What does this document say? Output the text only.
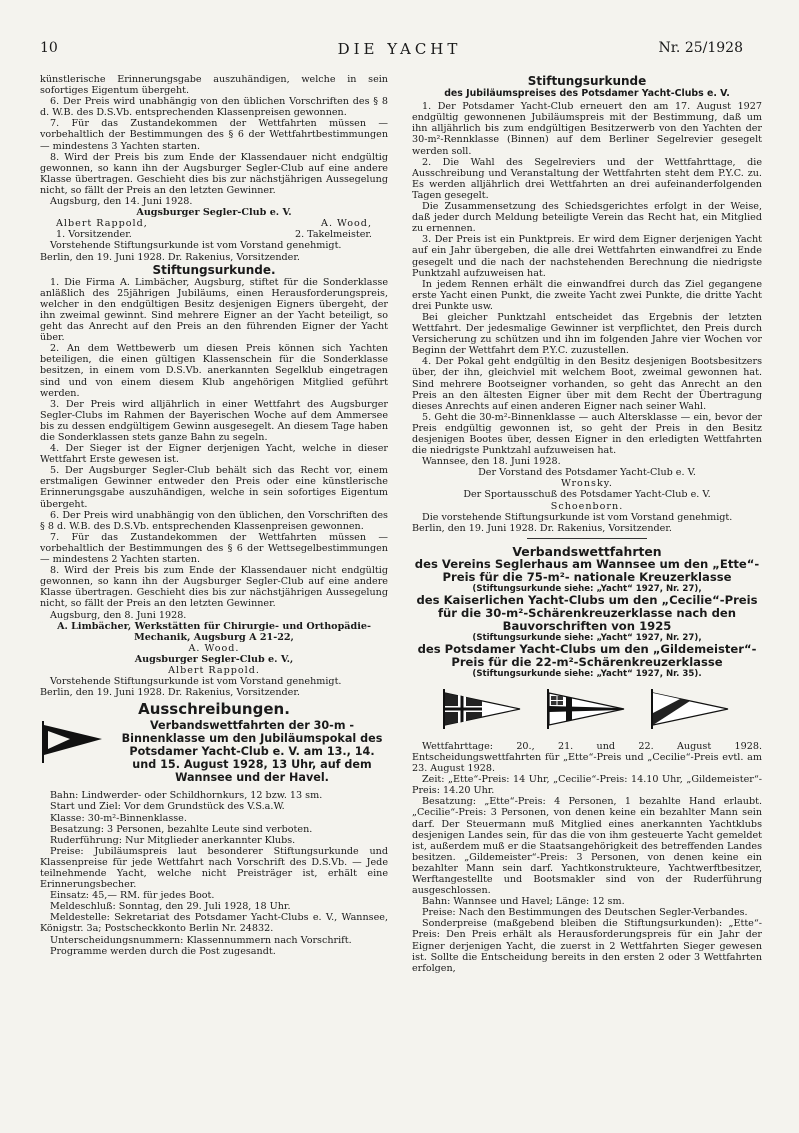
10	DIE YACHT	Nr. 25/1928

künstlerische Erinnerungsgabe auszuhändigen, welche in sein sofortiges Eigentum übergeht.

6. Der Preis wird unabhängig von den üblichen Vorschriften des § 8 d. W.B. des D.S.Vb. entsprechenden Klassenpreisen gewonnen.

7. Für das Zustandekommen der Wettfahrten müssen — vorbehaltlich der Bestimmungen des § 6 der Wettfahrtbestimmungen — mindestens 3 Yachten starten.

8. Wird der Preis bis zum Ende der Klassendauer nicht endgültig gewonnen, so kann ihn der Augsburger Segler-Club auf eine andere Klasse übertragen. Geschieht dies bis zur nächstjährigen Aussegelung nicht, so fällt der Preis an den letzten Gewinner.

Augsburg, den 14. Juni 1928.

Augsburger Segler-Club e. V.

Albert Rappold,	A. Wood,
1. Vorsitzender.	2. Takelmeister.

Vorstehende Stiftungsurkunde ist vom Vorstand genehmigt.

Berlin, den 19. Juni 1928. Dr. Rakenius, Vorsitzender.

Stiftungsurkunde.

1. Die Firma A. Limbächer, Augsburg, stiftet für die Sonderklasse anläßlich des 25jährigen Jubiläums, einen Herausforderungspreis, welcher in den endgültigen Besitz desjenigen Eigners übergeht, der ihn zweimal gewinnt. Sind mehrere Eigner an der Yacht beteiligt, so geht das Anrecht auf den Preis an den führenden Eigner der Yacht über.

2. An dem Wettbewerb um diesen Preis können sich Yachten beteiligen, die einen gültigen Klassenschein für die Sonderklasse besitzen, in einem vom D.S.Vb. anerkannten Segelklub eingetragen sind und von einem diesem Klub angehörigen Mitglied geführt werden.

3. Der Preis wird alljährlich in einer Wettfahrt des Augsburger Segler-Clubs im Rahmen der Bayerischen Woche auf dem Ammersee bis zu dessen endgültigem Gewinn ausgesegelt. An diesem Tage haben die Sonderklassen stets ganze Bahn zu segeln.

4. Der Sieger ist der Eigner derjenigen Yacht, welche in dieser Wettfahrt Erste gewesen ist.

5. Der Augsburger Segler-Club behält sich das Recht vor, einem erstmaligen Gewinner entweder den Preis oder eine künstlerische Erinnerungsgabe auszuhändigen, welche in sein sofortiges Eigentum übergeht.

6. Der Preis wird unabhängig von den üblichen, den Vorschriften des § 8 d. W.B. des D.S.Vb. entsprechenden Klassenpreisen gewonnen.

7. Für das Zustandekommen der Wettfahrten müssen — vorbehaltlich der Bestimmungen des § 6 der Wettsegelbestimmungen — mindestens 2 Yachten starten.

8. Wird der Preis bis zum Ende der Klassendauer nicht endgültig gewonnen, so kann ihn der Augsburger Segler-Club auf eine andere Klasse übertragen. Geschieht dies bis zur nächstjährigen Aussegelung nicht, so fällt der Preis an den letzten Gewinner.

Augsburg, den 8. Juni 1928.

A. Limbächer, Werkstätten für Chirurgie- und Orthopädie-Mechanik, Augsburg A 21-22,

A. Wood.

Augsburger Segler-Club e. V.,

Albert Rappold.

Vorstehende Stiftungsurkunde ist vom Vorstand genehmigt.

Berlin, den 19. Juni 1928. Dr. Rakenius, Vorsitzender.

Ausschreibungen.
Verbandswettfahrten der 30-m -Binnenklasse um den Jubiläumspokal des Potsdamer Yacht-Club e. V. am 13., 14. und 15. August 1928, 13 Uhr, auf dem Wannsee und der Havel.

Bahn: Lindwerder- oder Schildhornkurs, 12 bzw. 13 sm.

Start und Ziel: Vor dem Grundstück des V.S.a.W.

Klasse: 30-m²-Binnenklasse.

Besatzung: 3 Personen, bezahlte Leute sind verboten.

Ruderführung: Nur Mitglieder anerkannter Klubs.

Preise: Jubiläumspreis laut besonderer Stiftungsurkunde und Klassenpreise für jede Wettfahrt nach Vorschrift des D.S.Vb. — Jede teilnehmende Yacht, welche nicht Preisträger ist, erhält eine Erinnerungsbecher.

Einsatz: 45,— RM. für jedes Boot.

Meldeschluß: Sonntag, den 29. Juli 1928, 18 Uhr.

Meldestelle: Sekretariat des Potsdamer Yacht-Clubs e. V., Wannsee, Königstr. 3a; Postscheckkonto Berlin Nr. 24832.

Unterscheidungsnummern: Klassennummern nach Vorschrift.

Programme werden durch die Post zugesandt.

Stiftungsurkunde
des Jubiläumspreises des Potsdamer Yacht-Clubs e. V.

1. Der Potsdamer Yacht-Club erneuert den am 17. August 1927 endgültig gewonnenen Jubiläumspreis mit der Bestimmung, daß um ihn alljährlich bis zum endgültigen Besitzerwerb von den Yachten der 30-m²-Rennklasse (Binnen) auf dem Berliner Segelrevier gesegelt werden soll.

2. Die Wahl des Segelreviers und der Wettfahrttage, die Ausschreibung und Veranstaltung der Wettfahrten steht dem P.Y.C. zu. Es werden alljährlich drei Wettfahrten an drei aufeinanderfolgenden Tagen gesegelt.

Die Zusammensetzung des Schiedsgerichtes erfolgt in der Weise, daß jeder durch Meldung beteiligte Verein das Recht hat, ein Mitglied zu ernennen.

3. Der Preis ist ein Punktpreis. Er wird dem Eigner derjenigen Yacht auf ein Jahr übergeben, die alle drei Wettfahrten einwandfrei zu Ende gesegelt und die nach der nachstehenden Berechnung die niedrigste Punktzahl aufzuweisen hat.

In jedem Rennen erhält die einwandfrei durch das Ziel gegangene erste Yacht einen Punkt, die zweite Yacht zwei Punkte, die dritte Yacht drei Punkte usw.

Bei gleicher Punktzahl entscheidet das Ergebnis der letzten Wettfahrt. Der jedesmalige Gewinner ist verpflichtet, den Preis durch Versicherung zu schützen und ihn im folgenden Jahre vier Wochen vor Beginn der Wettfahrt dem P.Y.C. zuzustellen.

4. Der Pokal geht endgültig in den Besitz desjenigen Bootsbesitzers über, der ihn, gleichviel mit welchem Boot, zweimal gewonnen hat. Sind mehrere Bootseigner vorhanden, so geht das Anrecht an den Preis an den ältesten Eigner über mit dem Recht der Übertragung dieses Anrechts auf einen anderen Eigner nach seiner Wahl.

5. Geht die 30-m²-Binnenklasse — auch Altersklasse — ein, bevor der Preis endgültig gewonnen ist, so geht der Preis in den Besitz desjenigen Bootes über, dessen Eigner in den erledigten Wettfahrten die niedrigste Punktzahl aufzuweisen hat.

Wannsee, den 18. Juni 1928.

Der Vorstand des Potsdamer Yacht-Club e. V.

Wronsky.

Der Sportausschuß des Potsdamer Yacht-Club e. V.

Schoenborn.

Die vorstehende Stiftungsurkunde ist vom Vorstand genehmigt.

Berlin, den 19. Juni 1928. Dr. Rakenius, Vorsitzender.

Verbandswettfahrten
des Vereins Seglerhaus am Wannsee um den „Ette“-Preis für die 75-m²- nationale Kreuzerklasse
(Stiftungsurkunde siehe: „Yacht“ 1927, Nr. 27),
des Kaiserlichen Yacht-Clubs um den „Cecilie“-Preis für die 30-m²-Schärenkreuzerklasse nach den Bauvorschriften von 1925
(Stiftungsurkunde siehe: „Yacht“ 1927, Nr. 27),
des Potsdamer Yacht-Clubs um den „Gildemeister“-Preis für die 22-m²-Schärenkreuzerklasse
(Stiftungsurkunde siehe: „Yacht“ 1927, Nr. 35).

Wettfahrttage: 20., 21. und 22. August 1928. Entscheidungswettfahrten für „Ette“-Preis und „Cecilie“-Preis evtl. am 23. August 1928.

Zeit: „Ette“-Preis: 14 Uhr, „Cecilie“-Preis: 14.10 Uhr, „Gildemeister“-Preis: 14.20 Uhr.

Besatzung: „Ette“-Preis: 4 Personen, 1 bezahlte Hand erlaubt. „Cecilie“-Preis: 3 Personen, von denen keine ein bezahlter Mann sein darf. Der Steuermann muß Mitglied eines anerkannten Yachtklubs desjenigen Landes sein, für das die von ihm gesteuerte Yacht gemeldet ist, außerdem muß er die Staatsangehörigkeit des betreffenden Landes besitzen. „Gildemeister“-Preis: 3 Personen, von denen keine ein bezahlter Mann sein darf. Yachtkonstrukteure, Yachtwerftbesitzer, Werftangestellte und Bootsmakler sind von der Ruderführung ausgeschlossen.

Bahn: Wannsee und Havel; Länge: 12 sm.

Preise: Nach den Bestimmungen des Deutschen Segler-Verbandes.

Sonderpreise (maßgebend bleiben die Stiftungsurkunden): „Ette“-Preis: Den Preis erhält als Herausforderungspreis für ein Jahr der Eigner derjenigen Yacht, die zuerst in 2 Wettfahrten Sieger gewesen ist. Sollte die Entscheidung bereits in den ersten 2 oder 3 Wettfahrten erfolgen,
